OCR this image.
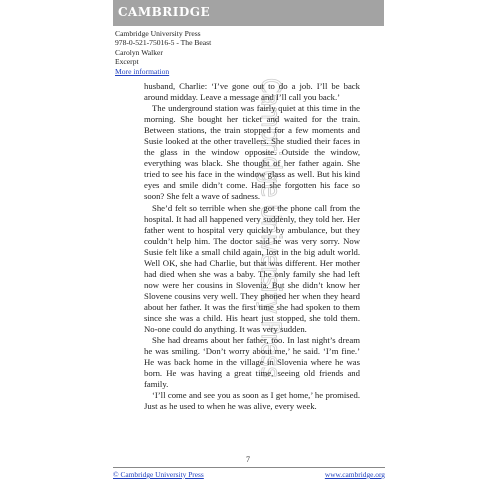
CAMBRIDGE
Cambridge University Press
978-0-521-75016-5 - The Beast
Carolyn Walker
Excerpt
More information
Cambridge University Press

husband, Charlie: ‘I’ve gone out to do a job. I’ll be back around midday. Leave a message and I’ll call you back.’

The underground station was fairly quiet at this time in the morning. She bought her ticket and waited for the train. Between stations, the train stopped for a few moments and Susie looked at the other travellers. She studied their faces in the glass in the window opposite. Outside the window, everything was black. She thought of her father again. She tried to see his face in the window glass as well. But his kind eyes and smile didn’t come. Had she forgotten his face so soon? She felt a wave of sadness.

She’d felt so terrible when she got the phone call from the hospital. It had all happened very suddenly, they told her. Her father went to hospital very quickly by ambulance, but they couldn’t help him. The doctor said he was very sorry. Now Susie felt like a small child again, lost in the big adult world. Well OK, she had Charlie, but that was different. Her mother had died when she was a baby. The only family she had left now were her cousins in Slovenia. But she didn’t know her Slovene cousins very well. They phoned her when they heard about her father. It was the first time she had spoken to them since she was a child. His heart just stopped, she told them. No-one could do anything. It was very sudden.

She had dreams about her father, too. In last night’s dream he was smiling. ‘Don’t worry about me,’ he said. ‘I’m fine.’ He was back home in the village in Slovenia where he was born. He was having a great time, seeing old friends and family.

‘I’ll come and see you as soon as I get home,’ he promised. Just as he used to when he was alive, every week.

7
© Cambridge University Press	www.cambridge.org
